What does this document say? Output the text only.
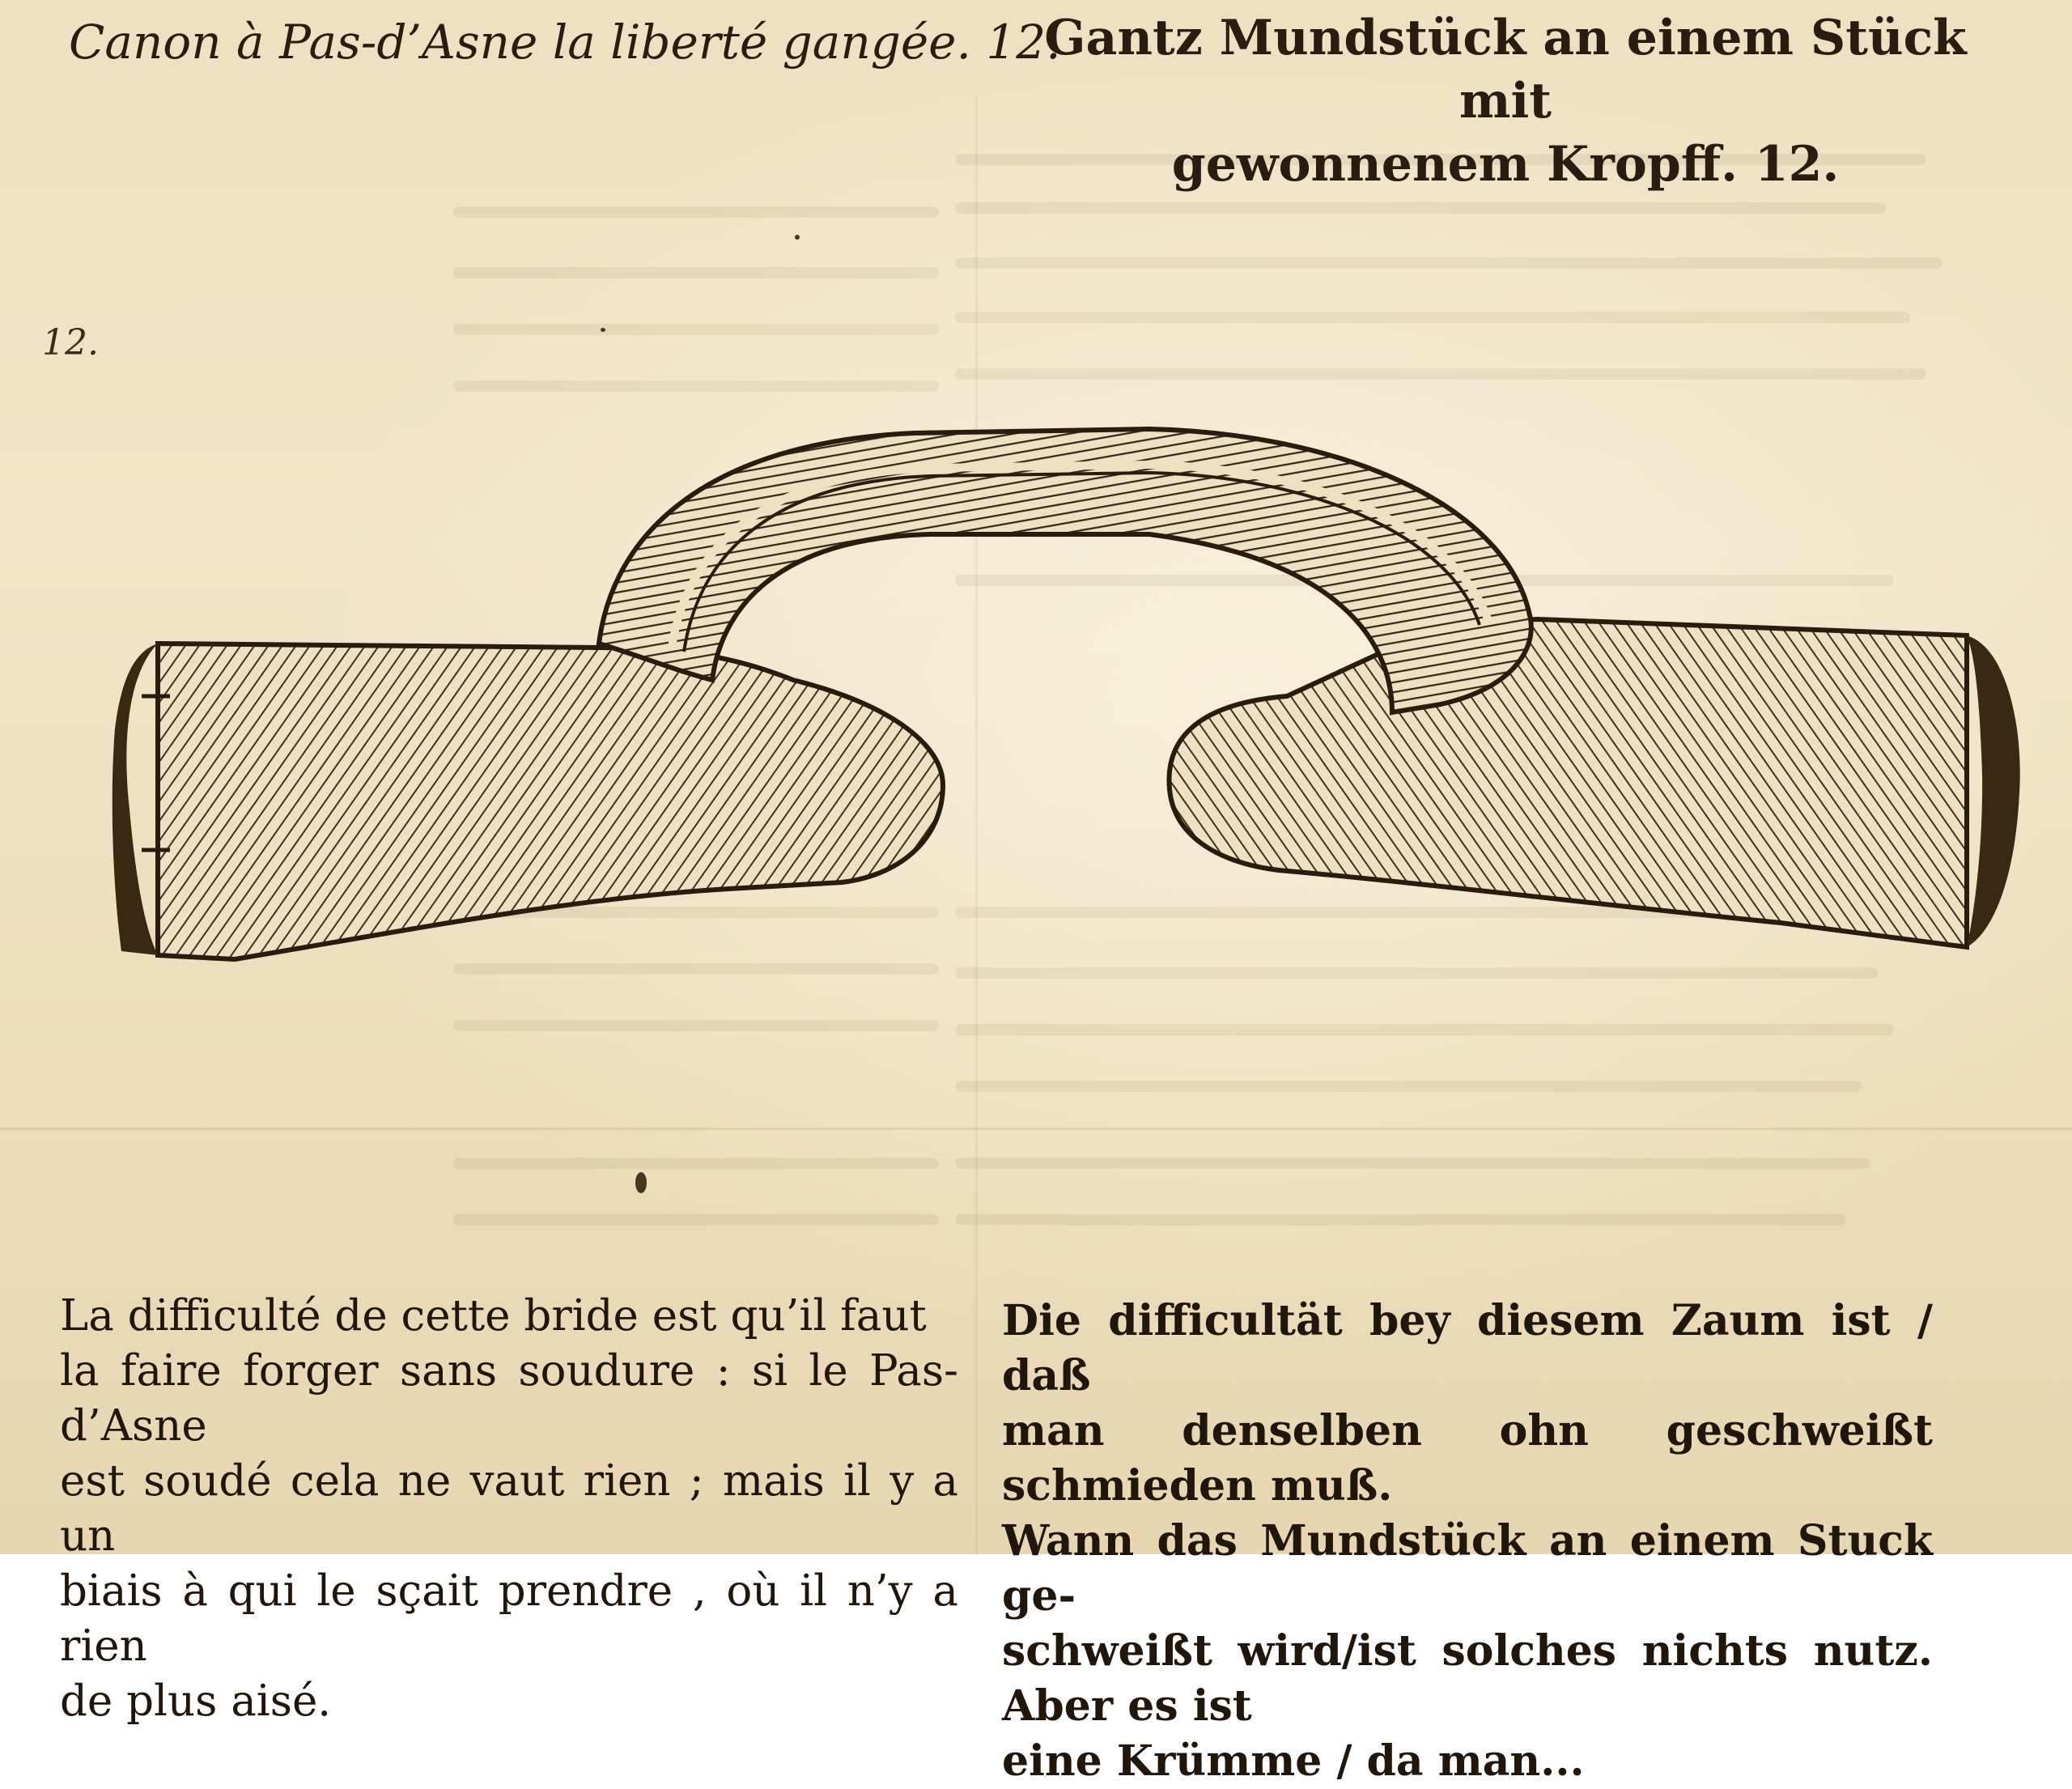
Canon à Pas-d’Asne la liberté gangée. 12.
Gantz Mundstück an einem Stück mit
gewonnenem Kropff. 12.
12.

La difficulté de cette bride est qu’il faut

la faire forger sans soudure : si le Pas-d’Asne

est soudé cela ne vaut rien ; mais il y a un

biais à qui le sçait prendre , où il n’y a rien

de plus aisé.

Die difficultät bey diesem Zaum ist / daß

man denselben ohn geschweißt schmieden muß.

Wann das Mundstück an einem Stuck ge-

schweißt wird/ist solches nichts nutz. Aber es ist

eine Krümme / da man...
